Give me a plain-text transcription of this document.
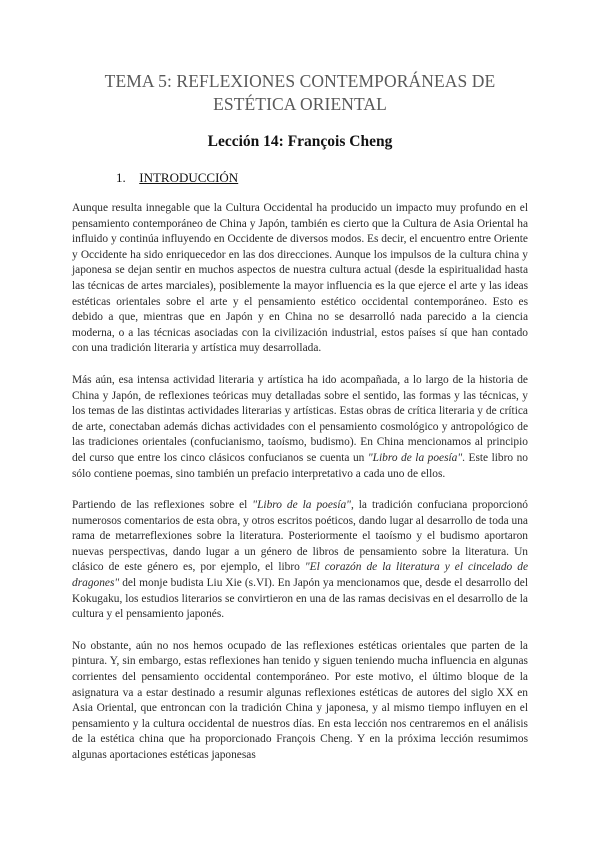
TEMA 5: REFLEXIONES CONTEMPORÁNEAS DE
ESTÉTICA ORIENTAL
Lección 14: François Cheng
1. INTRODUCCIÓN

Aunque resulta innegable que la Cultura Occidental ha producido un impacto muy profundo en el pensamiento contemporáneo de China y Japón, también es cierto que la Cultura de Asia Oriental ha influido y continúa influyendo en Occidente de diversos modos. Es decir, el encuentro entre Oriente y Occidente ha sido enriquecedor en las dos direcciones. Aunque los impulsos de la cultura china y japonesa se dejan sentir en muchos aspectos de nuestra cultura actual (desde la espiritualidad hasta las técnicas de artes marciales), posiblemente la mayor influencia es la que ejerce el arte y las ideas estéticas orientales sobre el arte y el pensamiento estético occidental contemporáneo. Esto es debido a que, mientras que en Japón y en China no se desarrolló nada parecido a la ciencia moderna, o a las técnicas asociadas con la civilización industrial, estos países sí que han contado con una tradición literaria y artística muy desarrollada.

Más aún, esa intensa actividad literaria y artística ha ido acompañada, a lo largo de la historia de China y Japón, de reflexiones teóricas muy detalladas sobre el sentido, las formas y las técnicas, y los temas de las distintas actividades literarias y artísticas. Estas obras de crítica literaria y de crítica de arte, conectaban además dichas actividades con el pensamiento cosmológico y antropológico de las tradiciones orientales (confucianismo, taoísmo, budismo). En China mencionamos al principio del curso que entre los cinco clásicos confucianos se cuenta un "Libro de la poesía". Este libro no sólo contiene poemas, sino también un prefacio interpretativo a cada uno de ellos.

Partiendo de las reflexiones sobre el "Libro de la poesía", la tradición confuciana proporcionó numerosos comentarios de esta obra, y otros escritos poéticos, dando lugar al desarrollo de toda una rama de metarreflexiones sobre la literatura. Posteriormente el taoísmo y el budismo aportaron nuevas perspectivas, dando lugar a un género de libros de pensamiento sobre la literatura. Un clásico de este género es, por ejemplo, el libro "El corazón de la literatura y el cincelado de dragones" del monje budista Liu Xie (s.VI). En Japón ya mencionamos que, desde el desarrollo del Kokugaku, los estudios literarios se convirtieron en una de las ramas decisivas en el desarrollo de la cultura y el pensamiento japonés.

No obstante, aún no nos hemos ocupado de las reflexiones estéticas orientales que parten de la pintura. Y, sin embargo, estas reflexiones han tenido y siguen teniendo mucha influencia en algunas corrientes del pensamiento occidental contemporáneo. Por este motivo, el último bloque de la asignatura va a estar destinado a resumir algunas reflexiones estéticas de autores del siglo XX en Asia Oriental, que entroncan con la tradición China y japonesa, y al mismo tiempo influyen en el pensamiento y la cultura occidental de nuestros días. En esta lección nos centraremos en el análisis de la estética china que ha proporcionado François Cheng. Y en la próxima lección resumimos algunas aportaciones estéticas japonesas
